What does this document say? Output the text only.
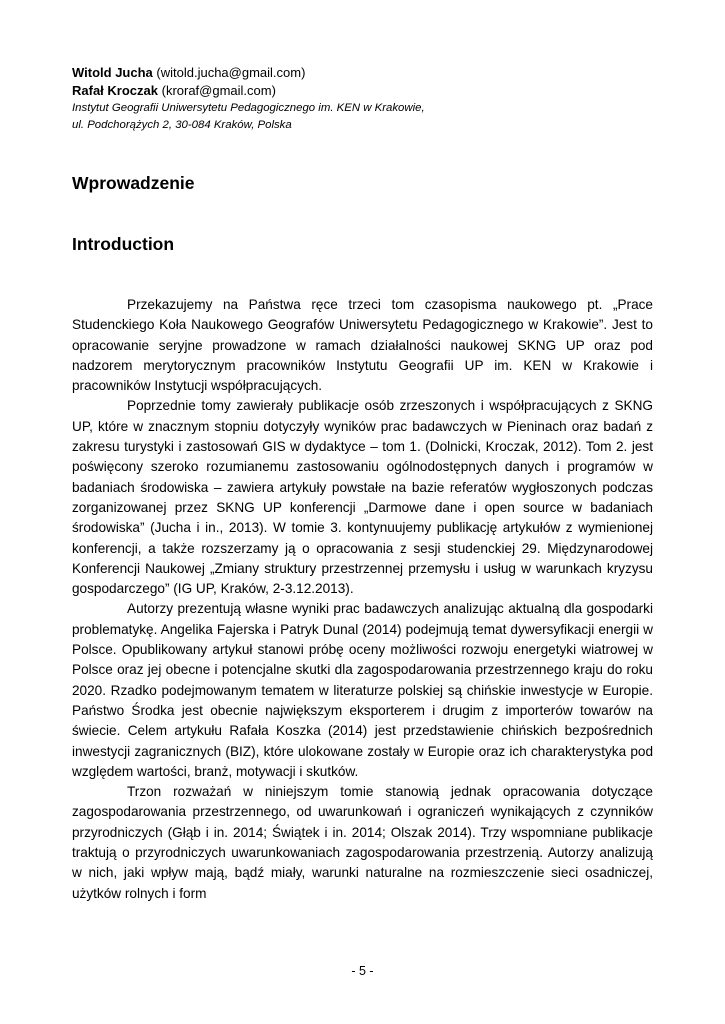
Witold Jucha (witold.jucha@gmail.com)
Rafał Kroczak (kroraf@gmail.com)
Instytut Geografii Uniwersytetu Pedagogicznego im. KEN w Krakowie,
ul. Podchorążych 2, 30-084 Kraków, Polska
Wprowadzenie
Introduction

Przekazujemy na Państwa ręce trzeci tom czasopisma naukowego pt. „Prace Studenckiego Koła Naukowego Geografów Uniwersytetu Pedagogicznego w Krakowie”. Jest to opracowanie seryjne prowadzone w ramach działalności naukowej SKNG UP oraz pod nadzorem merytorycznym pracowników Instytutu Geografii UP im. KEN w Krakowie i pracowników Instytucji współpracujących.

Poprzednie tomy zawierały publikacje osób zrzeszonych i współpracujących z SKNG UP, które w znacznym stopniu dotyczyły wyników prac badawczych w Pieninach oraz badań z zakresu turystyki i zastosowań GIS w dydaktyce – tom 1. (Dolnicki, Kroczak, 2012). Tom 2. jest poświęcony szeroko rozumianemu zastosowaniu ogólnodostępnych danych i programów w badaniach środowiska – zawiera artykuły powstałe na bazie referatów wygłoszonych podczas zorganizowanej przez SKNG UP konferencji „Darmowe dane i open source w badaniach środowiska” (Jucha i in., 2013). W tomie 3. kontynuujemy publikację artykułów z wymienionej konferencji, a także rozszerzamy ją o opracowania z sesji studenckiej 29. Międzynarodowej Konferencji Naukowej „Zmiany struktury przestrzennej przemysłu i usług w warunkach kryzysu gospodarczego” (IG UP, Kraków, 2-3.12.2013).

Autorzy prezentują własne wyniki prac badawczych analizując aktualną dla gospodarki problematykę. Angelika Fajerska i Patryk Dunal (2014) podejmują temat dywersyfikacji energii w Polsce. Opublikowany artykuł stanowi próbę oceny możliwości rozwoju energetyki wiatrowej w Polsce oraz jej obecne i potencjalne skutki dla zagospodarowania przestrzennego kraju do roku 2020. Rzadko podejmowanym tematem w literaturze polskiej są chińskie inwestycje w Europie. Państwo Środka jest obecnie największym eksporterem i drugim z importerów towarów na świecie. Celem artykułu Rafała Koszka (2014) jest przedstawienie chińskich bezpośrednich inwestycji zagranicznych (BIZ), które ulokowane zostały w Europie oraz ich charakterystyka pod względem wartości, branż, motywacji i skutków.

Trzon rozważań w niniejszym tomie stanowią jednak opracowania dotyczące zagospodarowania przestrzennego, od uwarunkowań i ograniczeń wynikających z czynników przyrodniczych (Głąb i in. 2014; Świątek i in. 2014; Olszak 2014). Trzy wspomniane publikacje traktują o przyrodniczych uwarunkowaniach zagospodarowania przestrzenią. Autorzy analizują w nich, jaki wpływ mają, bądź miały, warunki naturalne na rozmieszczenie sieci osadniczej, użytków rolnych i form

- 5 -
